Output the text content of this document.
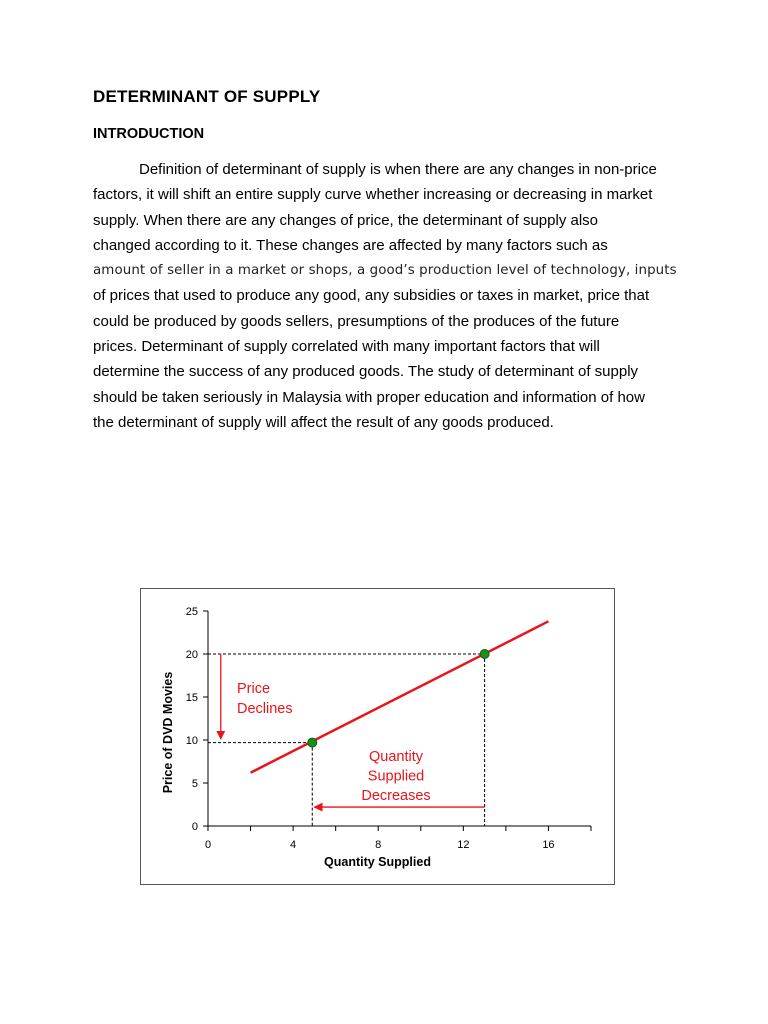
DETERMINANT OF SUPPLY
INTRODUCTION
Definition of determinant of supply is when there are any changes in non-price
factors, it will shift an entire supply curve whether increasing or decreasing in market
supply. When there are any changes of price, the determinant of supply also
changed according to it. These changes are affected by many factors such as
amount of seller in a market or shops, a good’s production level of technology, inputs
of prices that used to produce any good, any subsidies or taxes in market, price that
could be produced by goods sellers, presumptions of the produces of the future
prices. Determinant of supply correlated with many important factors that will
determine the success of any produced goods. The study of determinant of supply
should be taken seriously in Malaysia with proper education and information of how
the determinant of supply will affect the result of any goods produced.
0
5
10
15
20
25
0	4	8	12	16
Quantity Supplied
Price of DVD Movies	Price
Declines
Quantity
Supplied
Decreases
